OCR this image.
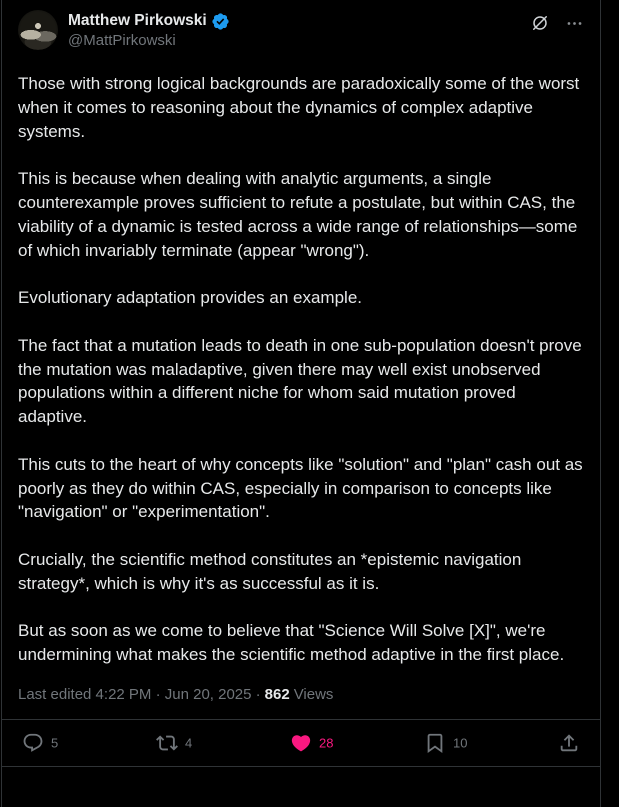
Matthew Pirkowski
@MattPirkowski

Those with strong logical backgrounds are paradoxically some of the worst when it comes to reasoning about the dynamics of complex adaptive systems.

This is because when dealing with analytic arguments, a single counterexample proves sufficient to refute a postulate, but within CAS, the viability of a dynamic is tested across a wide range of relationships—some of which invariably terminate (appear "wrong").

Evolutionary adaptation provides an example.

The fact that a mutation leads to death in one sub-population doesn't prove the mutation was maladaptive, given there may well exist unobserved populations within a different niche for whom said mutation proved adaptive.

This cuts to the heart of why concepts like "solution" and "plan" cash out as poorly as they do within CAS, especially in comparison to concepts like "navigation" or "experimentation".

Crucially, the scientific method constitutes an *epistemic navigation strategy*, which is why it's as successful as it is.

But as soon as we come to believe that "Science Will Solve [X]", we're undermining what makes the scientific method adaptive in the first place.

Last edited 4:22 PM · Jun 20, 2025 · 862 Views
5	4	28	10
